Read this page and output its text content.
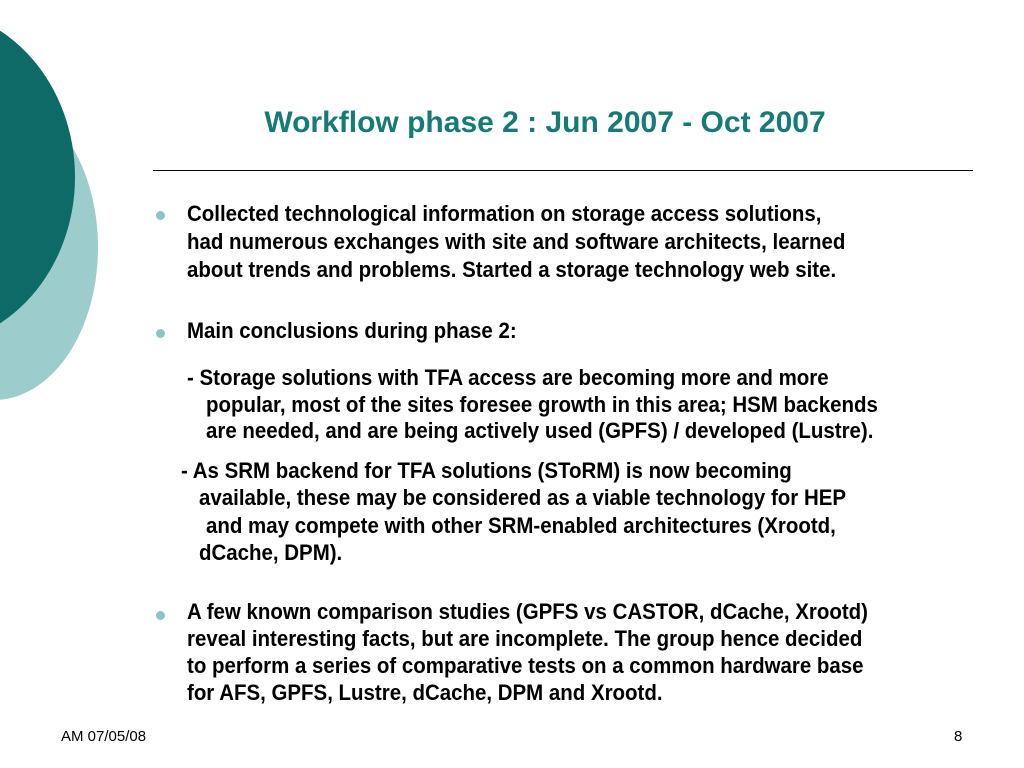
Workflow phase 2 : Jun 2007 - Oct 2007
Collected technological information on storage access solutions,
had numerous exchanges with site and software architects, learned
about trends and problems. Started a storage technology web site.
Main conclusions during phase 2:
- Storage solutions with TFA access are becoming more and more
popular, most of the sites foresee growth in this area; HSM backends
are needed, and are being actively used (GPFS) / developed (Lustre).
- As SRM backend for TFA solutions (SToRM) is now becoming
available, these may be considered as a viable technology for HEP
and may compete with other SRM-enabled architectures (Xrootd,
dCache, DPM).
A few known comparison studies (GPFS vs CASTOR, dCache, Xrootd)
reveal interesting facts, but are incomplete. The group hence decided
to perform a series of comparative tests on a common hardware base
for AFS, GPFS, Lustre, dCache, DPM and Xrootd.
AM 07/05/08	8
